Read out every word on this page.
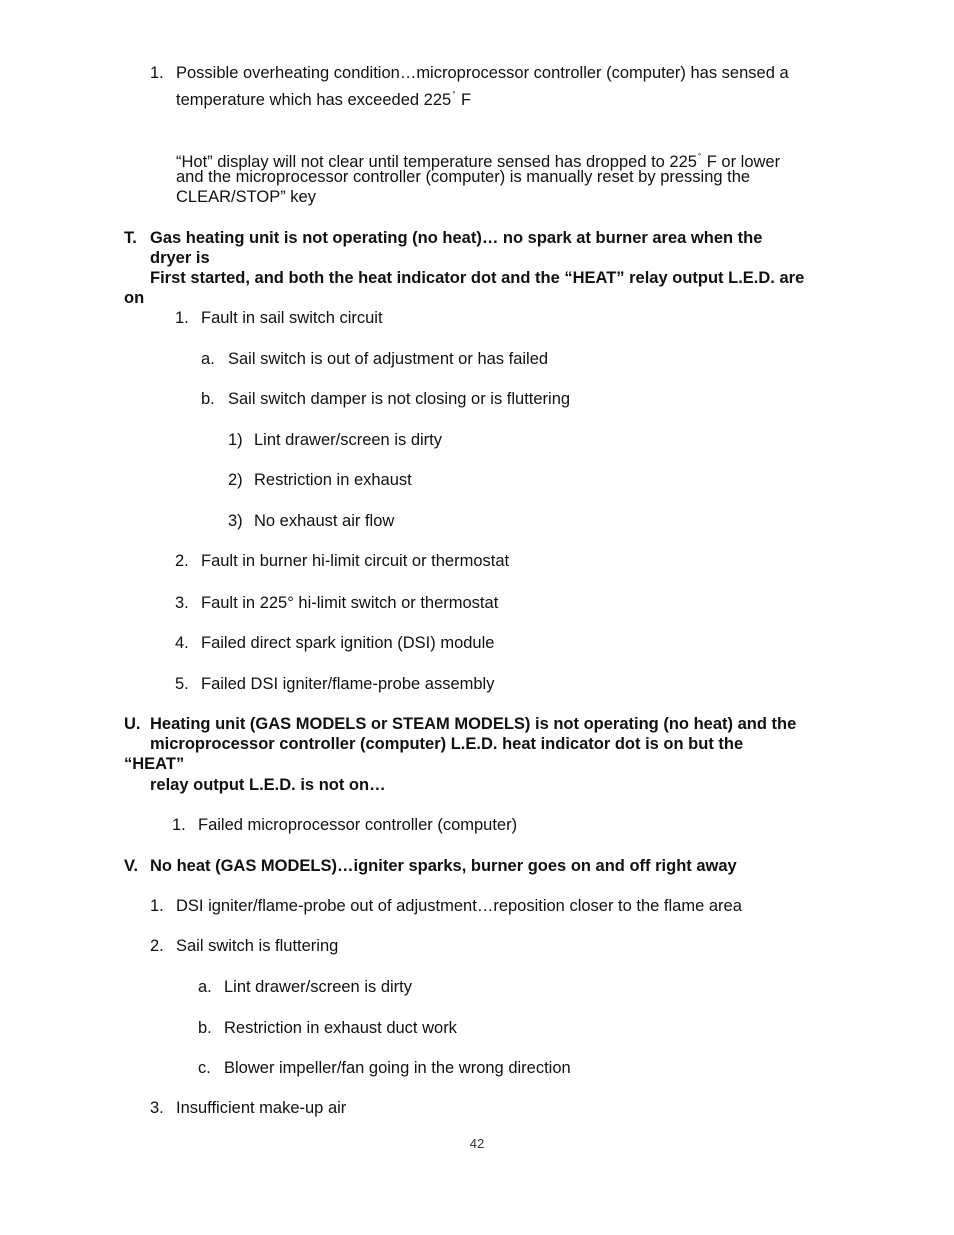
1. Possible overheating condition…microprocessor controller (computer) has sensed a
temperature which has exceeded 225° F
“Hot” display will not clear until temperature sensed has dropped to 225° F or lower
and the microprocessor controller (computer) is manually reset by pressing the
CLEAR/STOP” key
T. Gas heating unit is not operating (no heat)… no spark at burner area when the
dryer is
First started, and both the heat indicator dot and the “HEAT” relay output L.E.D. are
on
1. Fault in sail switch circuit
a. Sail switch is out of adjustment or has failed
b. Sail switch damper is not closing or is fluttering
1) Lint drawer/screen is dirty
2) Restriction in exhaust
3) No exhaust air flow
2. Fault in burner hi-limit circuit or thermostat
3. Fault in 225° hi-limit switch or thermostat
4. Failed direct spark ignition (DSI) module
5. Failed DSI igniter/flame-probe assembly
U. Heating unit (GAS MODELS or STEAM MODELS) is not operating (no heat) and the
microprocessor controller (computer) L.E.D. heat indicator dot is on but the
“HEAT”
relay output L.E.D. is not on…
1. Failed microprocessor controller (computer)
V. No heat (GAS MODELS)…igniter sparks, burner goes on and off right away
1. DSI igniter/flame-probe out of adjustment…reposition closer to the flame area
2. Sail switch is fluttering
a. Lint drawer/screen is dirty
b. Restriction in exhaust duct work
c. Blower impeller/fan going in the wrong direction
3. Insufficient make-up air
42
